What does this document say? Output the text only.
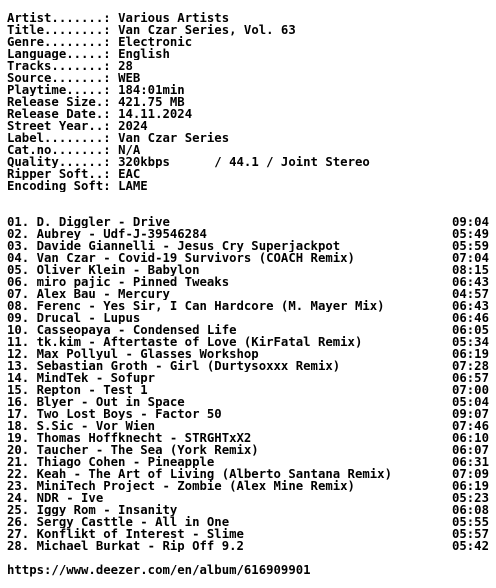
Artist.......: Various Artists
Title........: Van Czar Series, Vol. 63
Genre........: Electronic
Language.....: English
Tracks.......: 28
Source.......: WEB
Playtime.....: 184:01min
Release Size.: 421.75 MB
Release Date.: 14.11.2024
Street Year..: 2024
Label........: Van Czar Series
Cat.no.......: N/A
Quality......: 320kbps      / 44.1 / Joint Stereo
Ripper Soft..: EAC
Encoding Soft: LAME
01. D. Diggler - Drive	09:04
02. Aubrey - Udf-J-39546284	05:49
03. Davide Giannelli - Jesus Cry Superjackpot	05:59
04. Van Czar - Covid-19 Survivors (COACH Remix)	07:04
05. Oliver Klein - Babylon	08:15
06. miro pajic - Pinned Tweaks	06:43
07. Alex Bau - Mercury	04:57
08. Ferenc - Yes Sir, I Can Hardcore (M. Mayer Mix)	06:43
09. Drucal - Lupus	06:46
10. Casseopaya - Condensed Life	06:05
11. tk.kim - Aftertaste of Love (KirFatal Remix)	05:34
12. Max Pollyul - Glasses Workshop	06:19
13. Sebastian Groth - Girl (Durtysoxxx Remix)	07:28
14. MindTek - Sofupr	06:57
15. Repton - Test 1	07:00
16. Blyer - Out in Space	05:04
17. Two Lost Boys - Factor 50	09:07
18. S.Sic - Vor Wien	07:46
19. Thomas Hoffknecht - STRGHTxX2	06:10
20. Taucher - The Sea (York Remix)	06:07
21. Thiago Cohen - Pineapple	06:31
22. Keah - The Art of Living (Alberto Santana Remix)	07:09
23. MiniTech Project - Zombie (Alex Mine Remix)	06:19
24. NDR - Ive	05:23
25. Iggy Rom - Insanity	06:08
26. Sergy Casttle - All in One	05:55
27. Konflikt of Interest - Slime	05:57
28. Michael Burkat - Rip Off 9.2	05:42
https://www.deezer.com/en/album/616909901
